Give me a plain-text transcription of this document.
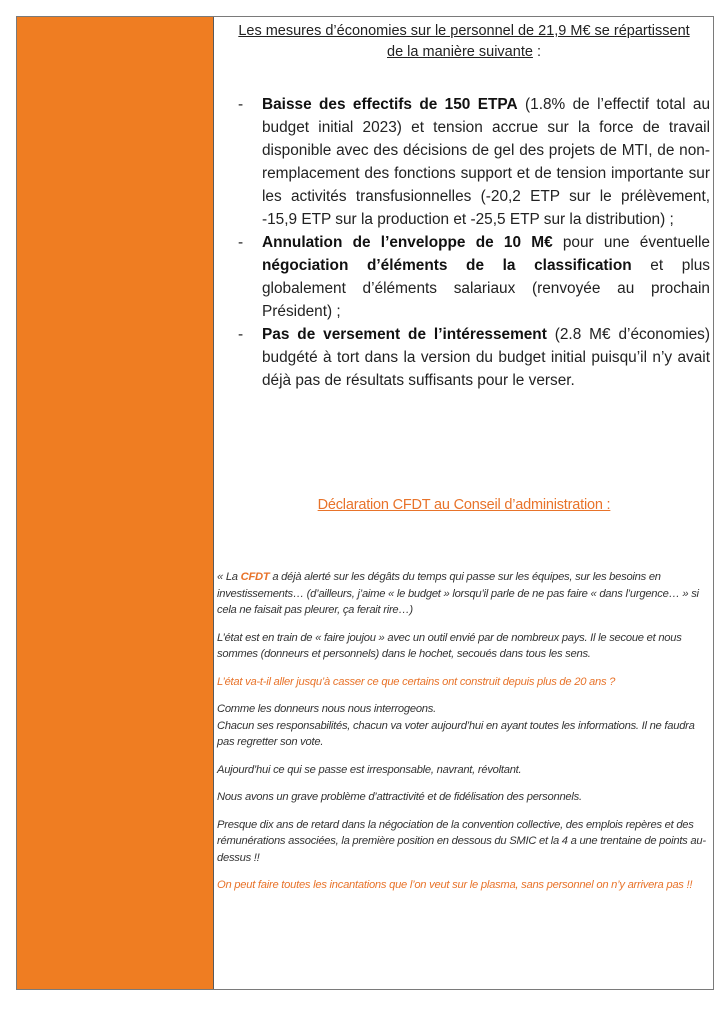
Les mesures d’économies sur le personnel de 21,9 M€ se répartissent de la manière suivante :
- Baisse des effectifs de 150 ETPA (1.8% de l’effectif total au budget initial 2023) et tension accrue sur la force de travail disponible avec des décisions de gel des projets de MTI, de non-remplacement des fonctions support et de tension importante sur les activités transfusionnelles (-20,2 ETP sur le prélèvement, -15,9 ETP sur la production et -25,5 ETP sur la distribution) ;
- Annulation de l’enveloppe de 10 M€ pour une éventuelle négociation d’éléments de la classification et plus globalement d’éléments salariaux (renvoyée au prochain Président) ;
- Pas de versement de l’intéressement (2.8 M€ d’économies) budgété à tort dans la version du budget initial puisqu’il n’y avait déjà pas de résultats suffisants pour le verser.
Déclaration CFDT au Conseil d’administration :

« La CFDT a déjà alerté sur les dégâts du temps qui passe sur les équipes, sur les besoins en investissements… (d’ailleurs, j’aime « le budget » lorsqu’il parle de ne pas faire « dans l’urgence… » si cela ne faisait pas pleurer, ça ferait rire…)

L’état est en train de « faire joujou » avec un outil envié par de nombreux pays. Il le secoue et nous sommes (donneurs et personnels) dans le hochet, secoués dans tous les sens.

L’état va-t-il aller jusqu’à casser ce que certains ont construit depuis plus de 20 ans ?

Comme les donneurs nous nous interrogeons.
Chacun ses responsabilités, chacun va voter aujourd’hui en ayant toutes les informations. Il ne faudra pas regretter son vote.

Aujourd’hui ce qui se passe est irresponsable, navrant, révoltant.

Nous avons un grave problème d’attractivité et de fidélisation des personnels.

Presque dix ans de retard dans la négociation de la convention collective, des emplois repères et des rémunérations associées, la première position en dessous du SMIC et la 4 a une trentaine de points au-dessus !!

On peut faire toutes les incantations que l’on veut sur le plasma, sans personnel on n’y arrivera pas !!
